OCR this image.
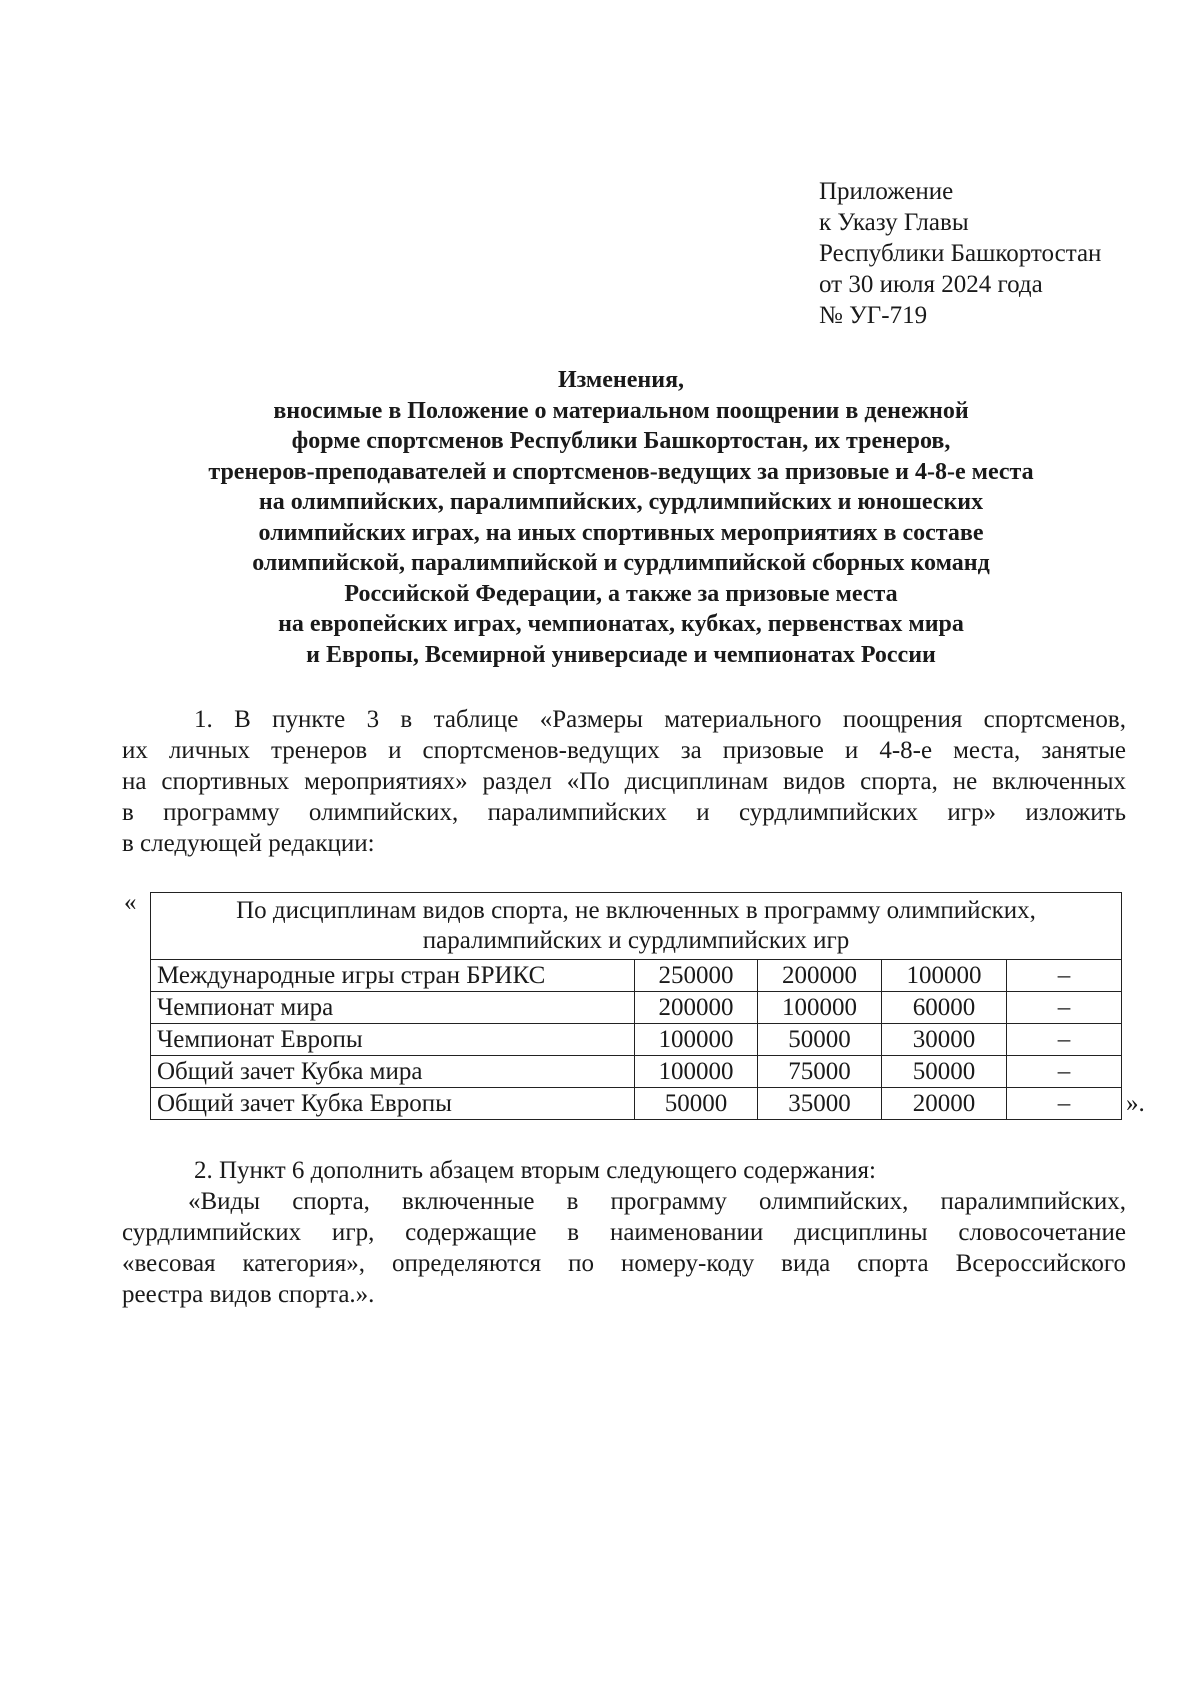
Приложение
к Указу Главы
Республики Башкортостан
от 30 июля 2024 года
№ УГ-719
Изменения,
вносимые в Положение о материальном поощрении в денежной
форме спортсменов Республики Башкортостан, их тренеров,
тренеров-преподавателей и спортсменов-ведущих за призовые и 4-8-е места
на олимпийских, паралимпийских, сурдлимпийских и юношеских
олимпийских играх, на иных спортивных мероприятиях в составе
олимпийской, паралимпийской и сурдлимпийской сборных команд
Российской Федерации, а также за призовые места
на европейских играх, чемпионатах, кубках, первенствах мира
и Европы, Всемирной универсиаде и чемпионатах России
1. В пункте 3 в таблице «Размеры материального поощрения спортсменов,
их личных тренеров и спортсменов-ведущих за призовые и 4-8-е места, занятые
на спортивных мероприятиях» раздел «По дисциплинам видов спорта, не включенных
в программу олимпийских, паралимпийских и сурдлимпийских игр» изложить
в следующей редакции:
«	По дисциплинам видов спорта, не включенных в программу олимпийских,
паралимпийских и сурдлимпийских игр				

Международные игры стран БРИКС	250000	200000	100000	–
Чемпионат мира	200000	100000	60000	–
Чемпионат Европы	100000	50000	30000	–
Общий зачет Кубка мира	100000	75000	50000	–
Общий зачет Кубка Европы	50000	35000	20000	– ».
2. Пункт 6 дополнить абзацем вторым следующего содержания:
«Виды спорта, включенные в программу олимпийских, паралимпийских,
сурдлимпийских игр, содержащие в наименовании дисциплины словосочетание
«весовая категория», определяются по номеру-коду вида спорта Всероссийского
реестра видов спорта.».
